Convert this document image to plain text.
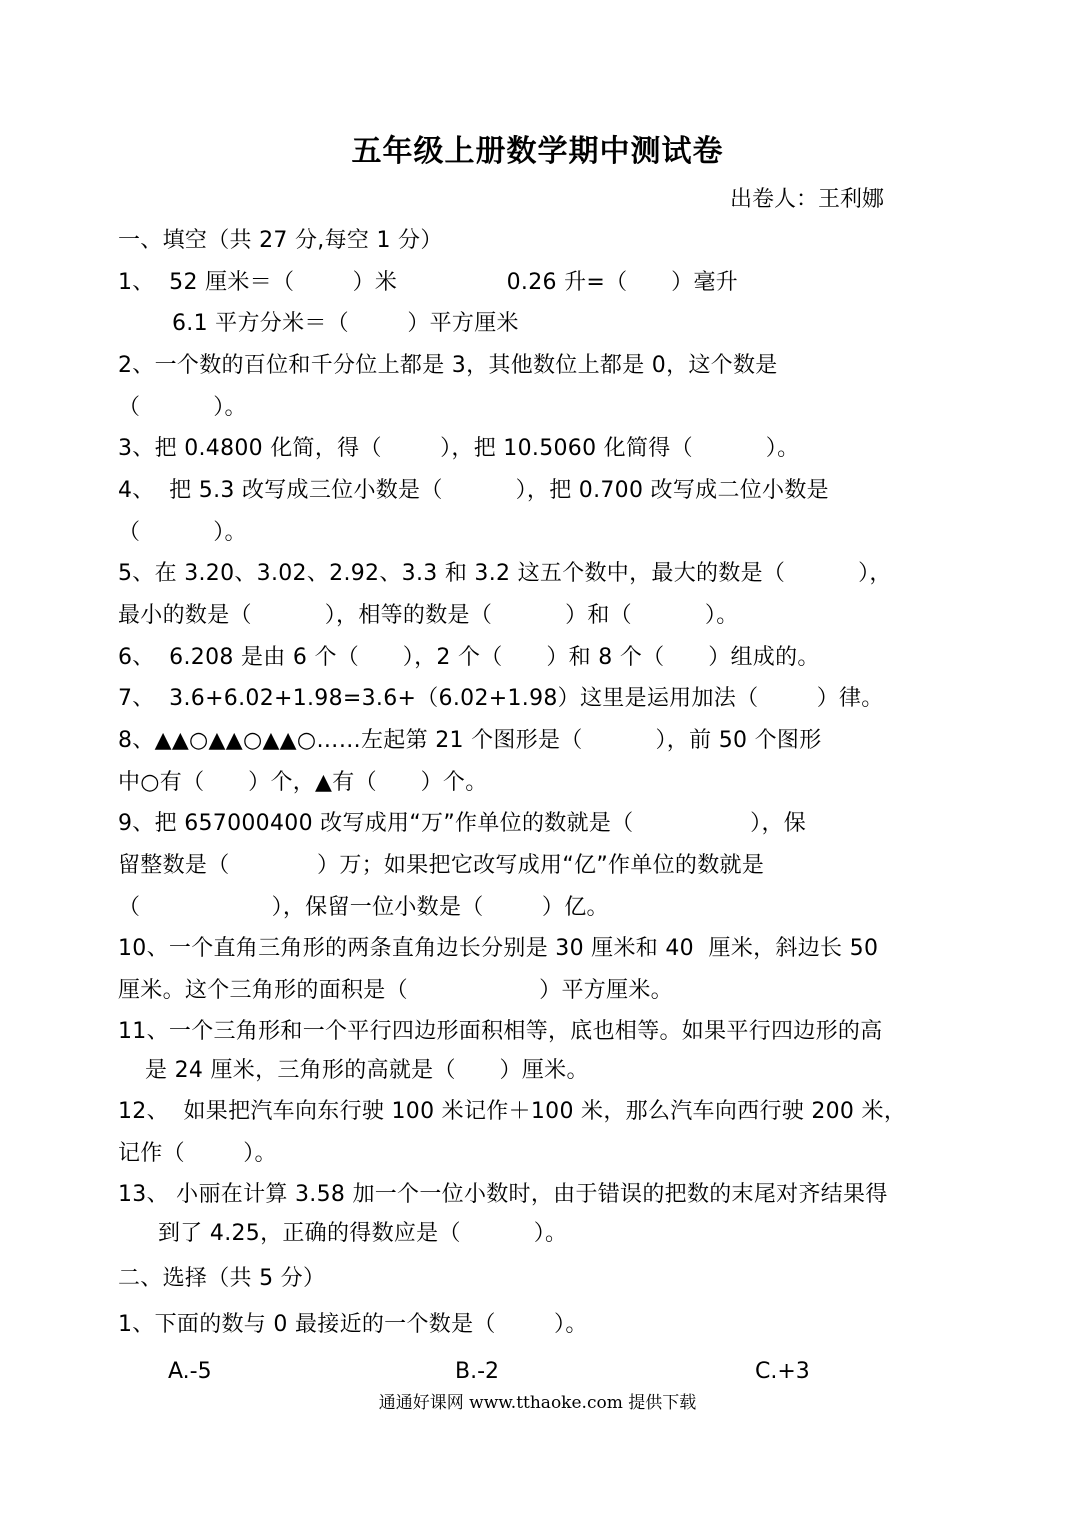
五年级上册数学期中测试卷
出卷人：王利娜
一、填空（共 27 分,每空 1 分）
1、  52 厘米＝（        ）米               0.26 升=（      ）毫升
6.1 平方分米＝（        ）平方厘米
2、一个数的百位和千分位上都是 3，其他数位上都是 0，这个数是
（          ）。
3、把 0.4800 化简，得（        ），把 10.5060 化简得（          ）。
4、  把 5.3 改写成三位小数是（          ），把 0.700 改写成二位小数是
（          ）。
5、在 3.20、3.02、2.92、3.3 和 3.2 这五个数中，最大的数是（          ），
最小的数是（          ），相等的数是（          ）和（          ）。
6、  6.208 是由 6 个（      ），2 个（      ）和 8 个（      ）组成的。
7、  3.6+6.02+1.98=3.6+（6.02+1.98）这里是运用加法（        ）律。
8、▲▲○▲▲○▲▲○……左起第 21 个图形是（          ），前 50 个图形
中○有（      ）个，▲有（      ）个。
9、把 657000400 改写成用“万”作单位的数就是（                ），保
留整数是（            ）万；如果把它改写成用“亿”作单位的数就是
（                  ），保留一位小数是（        ）亿。
10、一个直角三角形的两条直角边长分别是 30 厘米和 40  厘米，斜边长 50
厘米。这个三角形的面积是（                  ）平方厘米。
11、一个三角形和一个平行四边形面积相等，底也相等。如果平行四边形的高
是 24 厘米，三角形的高就是（      ）厘米。
12、  如果把汽车向东行驶 100 米记作＋100 米，那么汽车向西行驶 200 米，
记作（        ）。
13、 小丽在计算 3.58 加一个一位小数时，由于错误的把数的末尾对齐结果得
到了 4.25，正确的得数应是（          ）。
二、选择（共 5 分）
1、下面的数与 0 最接近的一个数是（        ）。
A.-5	B.-2	C.+3
通通好课网 www.tthaoke.com 提供下载
